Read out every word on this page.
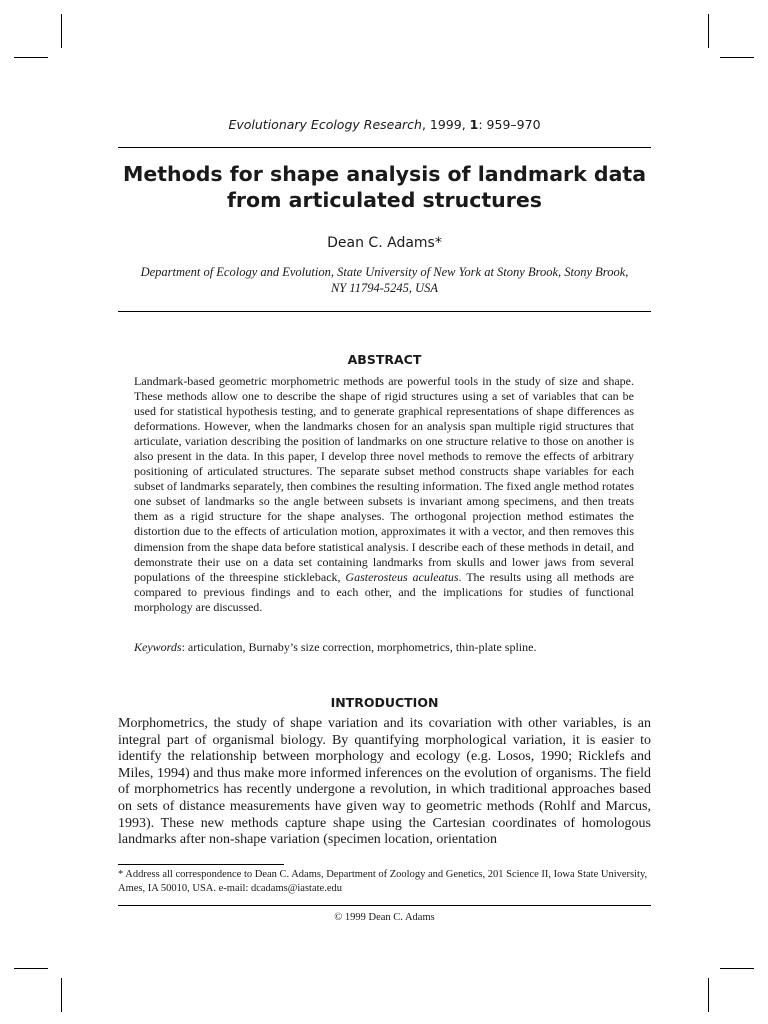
Evolutionary Ecology Research, 1999, 1: 959–970
Methods for shape analysis of landmark data
from articulated structures
Dean C. Adams*
Department of Ecology and Evolution, State University of New York at Stony Brook, Stony Brook,
NY 11794-5245, USA
ABSTRACT
Landmark-based geometric morphometric methods are powerful tools in the study of size and shape. These methods allow one to describe the shape of rigid structures using a set of variables that can be used for statistical hypothesis testing, and to generate graphical representations of shape differences as deformations. However, when the landmarks chosen for an analysis span multiple rigid structures that articulate, variation describing the position of landmarks on one structure relative to those on another is also present in the data. In this paper, I develop three novel methods to remove the effects of arbitrary positioning of articulated structures. The separate subset method constructs shape variables for each subset of landmarks separately, then combines the resulting information. The fixed angle method rotates one subset of landmarks so the angle between subsets is invariant among specimens, and then treats them as a rigid structure for the shape analyses. The orthogonal projection method estimates the distortion due to the effects of articulation motion, approximates it with a vector, and then removes this dimension from the shape data before statistical analysis. I describe each of these methods in detail, and demonstrate their use on a data set containing landmarks from skulls and lower jaws from several populations of the threespine stickleback, Gasterosteus aculeatus. The results using all methods are compared to previous findings and to each other, and the implications for studies of functional morphology are discussed.
Keywords: articulation, Burnaby’s size correction, morphometrics, thin-plate spline.
INTRODUCTION
Morphometrics, the study of shape variation and its covariation with other variables, is an integral part of organismal biology. By quantifying morphological variation, it is easier to identify the relationship between morphology and ecology (e.g. Losos, 1990; Ricklefs and Miles, 1994) and thus make more informed inferences on the evolution of organisms. The field of morphometrics has recently undergone a revolution, in which traditional approaches based on sets of distance measurements have given way to geometric methods (Rohlf and Marcus, 1993). These new methods capture shape using the Cartesian coordinates of homologous landmarks after non-shape variation (specimen location, orientation
* Address all correspondence to Dean C. Adams, Department of Zoology and Genetics, 201 Science II, Iowa State University, Ames, IA 50010, USA. e-mail: dcadams@iastate.edu
© 1999 Dean C. Adams
